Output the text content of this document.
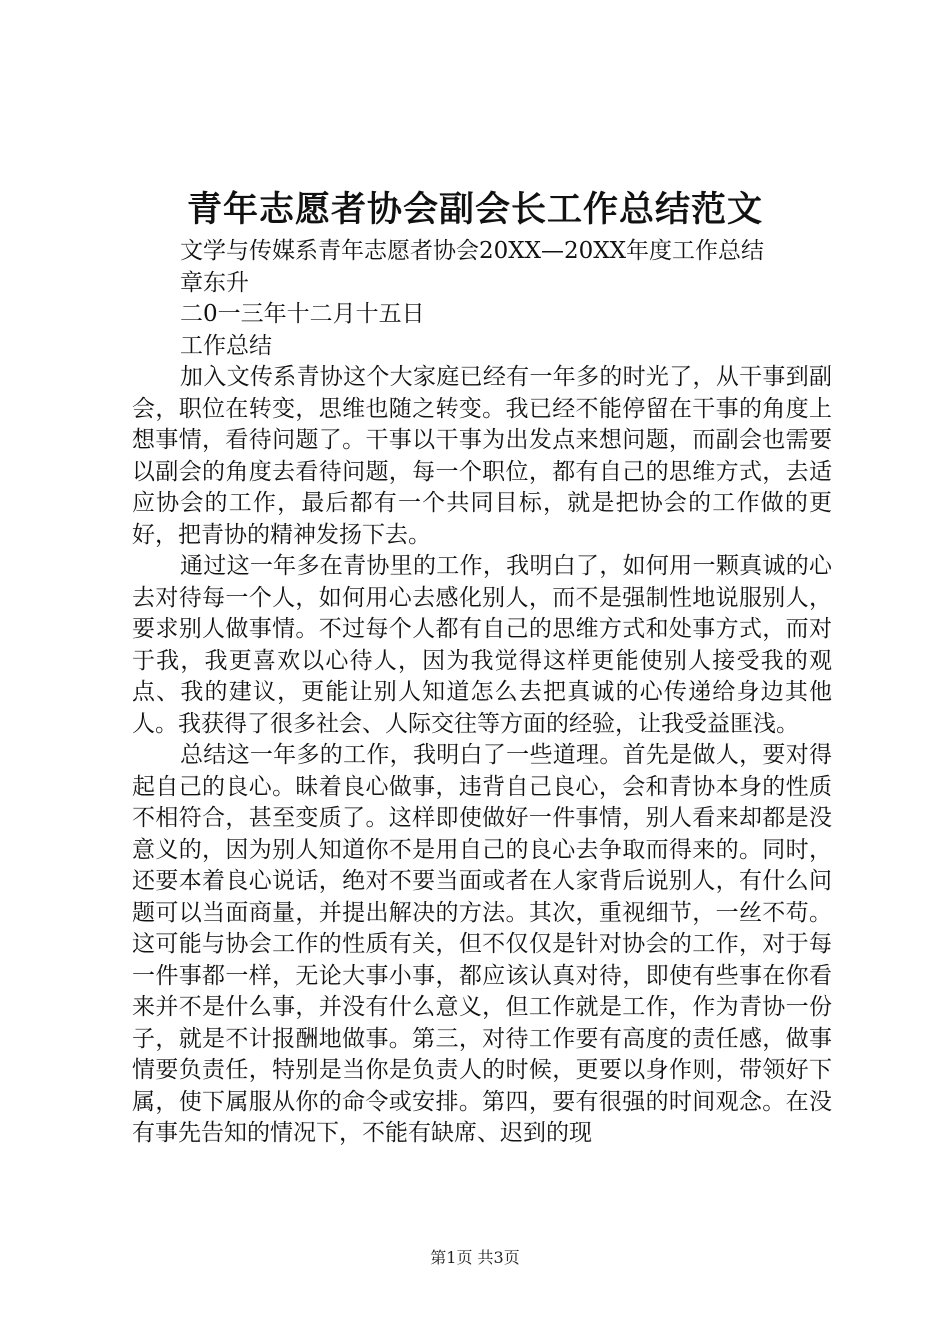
青年志愿者协会副会长工作总结范文

文学与传媒系青年志愿者协会20XX—20XX年度工作总结

章东升

二0一三年十二月十五日

工作总结

加入文传系青协这个大家庭已经有一年多的时光了，从干事到副会，职位在转变，思维也随之转变。我已经不能停留在干事的角度上想事情，看待问题了。干事以干事为出发点来想问题，而副会也需要以副会的角度去看待问题，每一个职位，都有自己的思维方式，去适应协会的工作，最后都有一个共同目标，就是把协会的工作做的更好，把青协的精神发扬下去。

通过这一年多在青协里的工作，我明白了，如何用一颗真诚的心去对待每一个人，如何用心去感化别人，而不是强制性地说服别人，要求别人做事情。不过每个人都有自己的思维方式和处事方式，而对于我，我更喜欢以心待人，因为我觉得这样更能使别人接受我的观点、我的建议，更能让别人知道怎么去把真诚的心传递给身边其他人。我获得了很多社会、人际交往等方面的经验，让我受益匪浅。

总结这一年多的工作，我明白了一些道理。首先是做人，要对得起自己的良心。昧着良心做事，违背自己良心，会和青协本身的性质不相符合，甚至变质了。这样即使做好一件事情，别人看来却都是没意义的，因为别人知道你不是用自己的良心去争取而得来的。同时，还要本着良心说话，绝对不要当面或者在人家背后说别人，有什么问题可以当面商量，并提出解决的方法。其次，重视细节，一丝不苟。这可能与协会工作的性质有关，但不仅仅是针对协会的工作，对于每一件事都一样，无论大事小事，都应该认真对待，即使有些事在你看来并不是什么事，并没有什么意义，但工作就是工作，作为青协一份子，就是不计报酬地做事。第三，对待工作要有高度的责任感，做事情要负责任，特别是当你是负责人的时候，更要以身作则，带领好下属，使下属服从你的命令或安排。第四，要有很强的时间观念。在没有事先告知的情况下，不能有缺席、迟到的现

第1页 共3页
